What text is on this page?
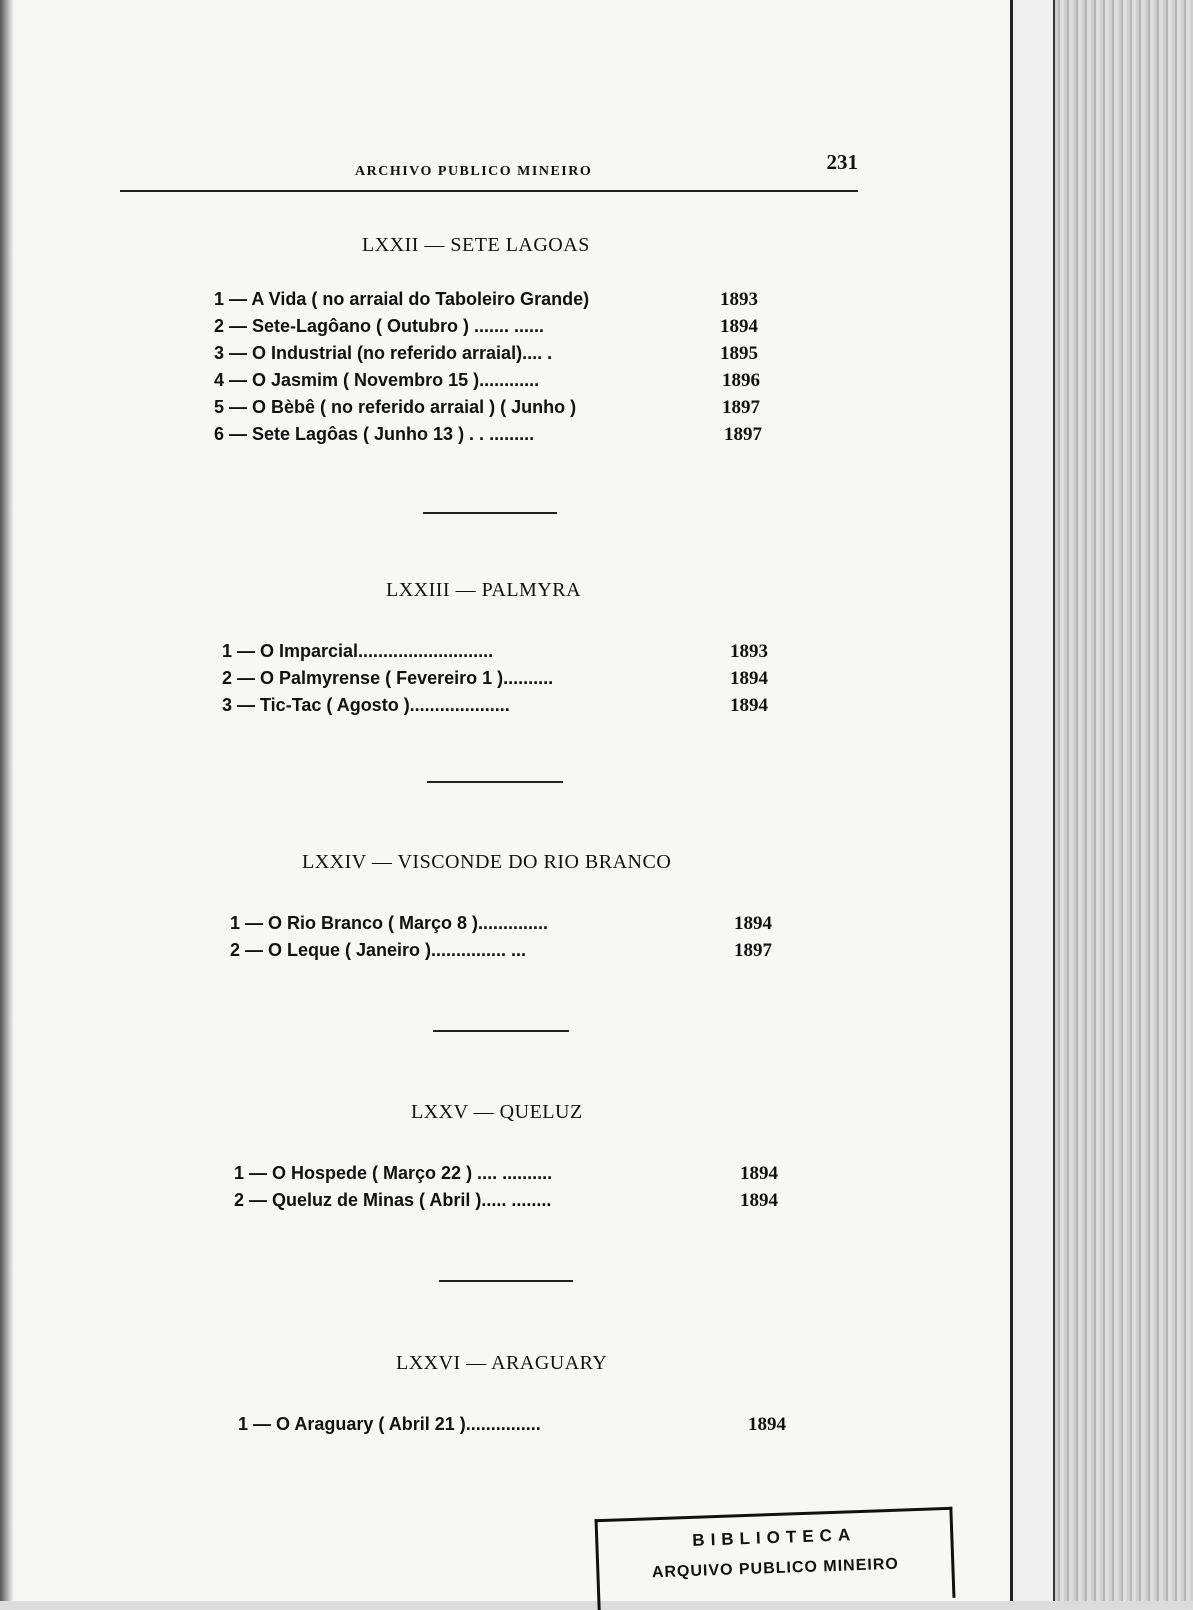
ARCHIVO PUBLICO MINEIRO	231
LXXII — SETE LAGOAS
1 — A Vida ( no arraial do Taboleiro Grande)	1893
2 — Sete-Lagôano ( Outubro ) ....... ......	1894
3 — O Industrial (no referido arraial).... .	1895
4 — O Jasmim ( Novembro 15 )............	1896
5 — O Bèbê ( no referido arraial ) ( Junho )	1897
6 — Sete Lagôas ( Junho 13 ) . . .........	1897
LXXIII — PALMYRA
1 — O Imparcial...........................	1893
2 — O Palmyrense ( Fevereiro 1 )..........	1894
3 — Tic-Tac ( Agosto )....................	1894
LXXIV — VISCONDE DO RIO BRANCO
1 — O Rio Branco ( Março 8 )..............	1894
2 — O Leque ( Janeiro )............... ...	1897
LXXV — QUELUZ
1 — O Hospede ( Março 22 ) .... ..........	1894
2 — Queluz de Minas ( Abril )..... ........	1894
LXXVI — ARAGUARY
1 — O Araguary ( Abril 21 )...............	1894
BIBLIOTECA
ARQUIVO PUBLICO MINEIRO
